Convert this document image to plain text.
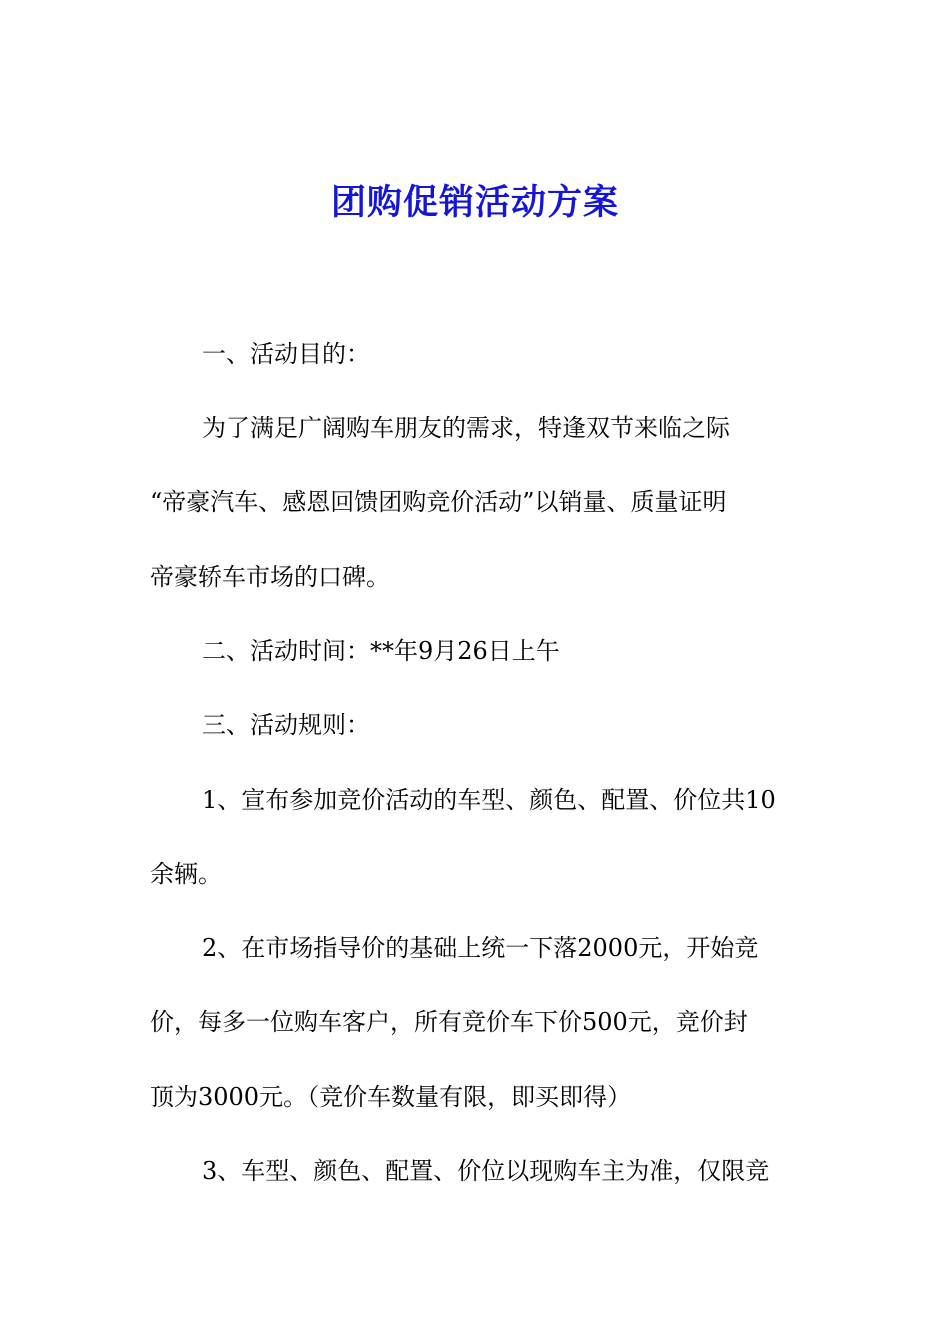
团购促销活动方案

一、活动目的：

为了满足广阔购车朋友的需求，特逢双节来临之际

“帝豪汽车、感恩回馈团购竞价活动”以销量、质量证明

帝豪轿车市场的口碑。

二、活动时间：**年9月26日上午

三、活动规则：

1、宣布参加竞价活动的车型、颜色、配置、价位共10

余辆。

2、在市场指导价的基础上统一下落2000元，开始竞

价，每多一位购车客户，所有竞价车下价500元，竞价封

顶为3000元。（竞价车数量有限，即买即得）

3、车型、颜色、配置、价位以现购车主为准，仅限竞
